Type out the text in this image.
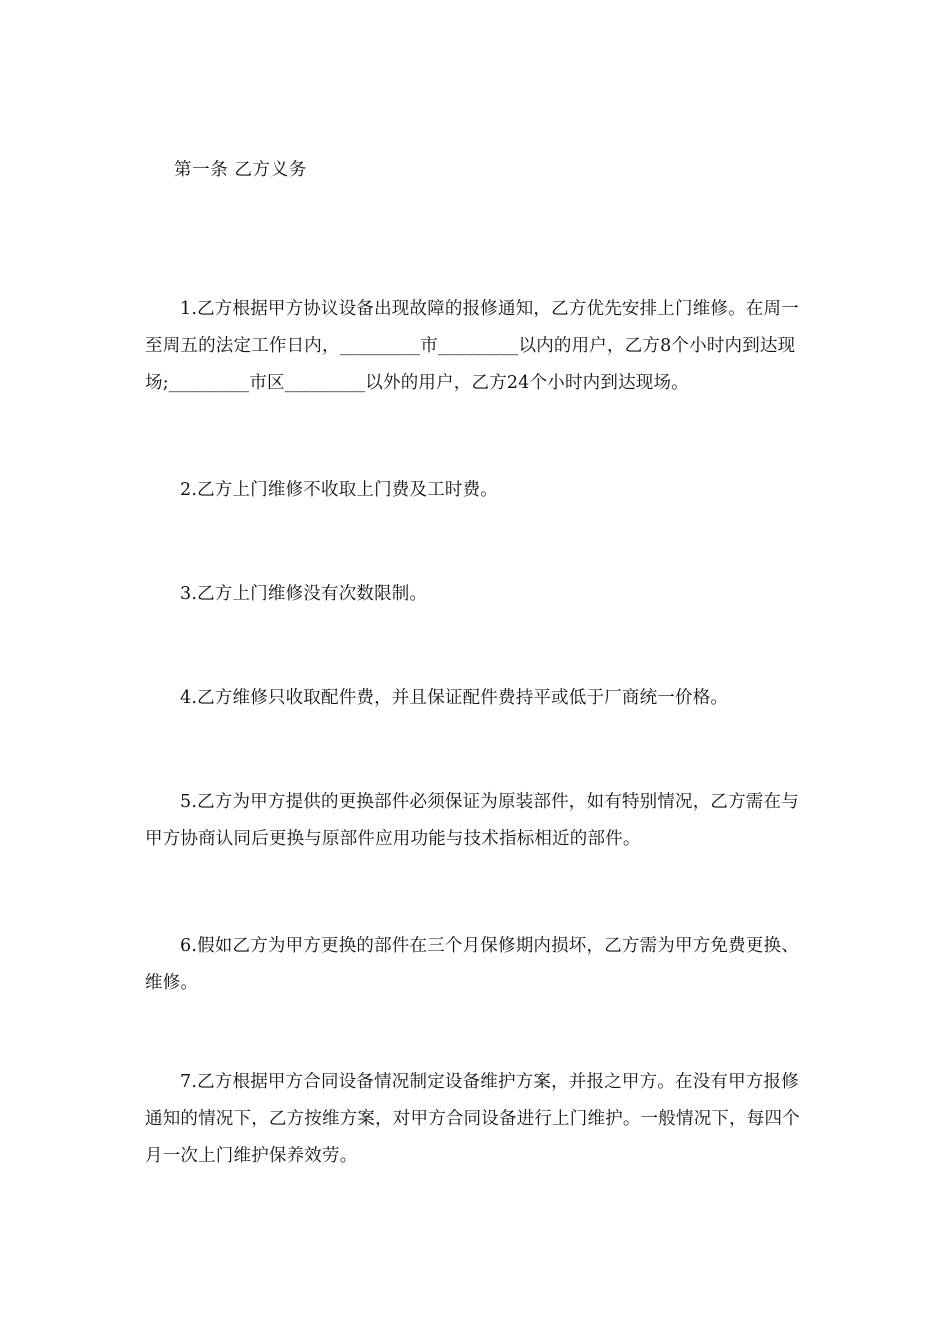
第一条 乙方义务

1.乙方根据甲方协议设备出现故障的报修通知，乙方优先安排上门维修。在周一至周五的法定工作日内，_________市_________以内的用户，乙方8个小时内到达现场;_________市区_________以外的用户，乙方24个小时内到达现场。

2.乙方上门维修不收取上门费及工时费。

3.乙方上门维修没有次数限制。

4.乙方维修只收取配件费，并且保证配件费持平或低于厂商统一价格。

5.乙方为甲方提供的更换部件必须保证为原装部件，如有特别情况，乙方需在与甲方协商认同后更换与原部件应用功能与技术指标相近的部件。

6.假如乙方为甲方更换的部件在三个月保修期内损坏，乙方需为甲方免费更换、维修。

7.乙方根据甲方合同设备情况制定设备维护方案，并报之甲方。在没有甲方报修通知的情况下，乙方按维方案，对甲方合同设备进行上门维护。一般情况下，每四个月一次上门维护保养效劳。
